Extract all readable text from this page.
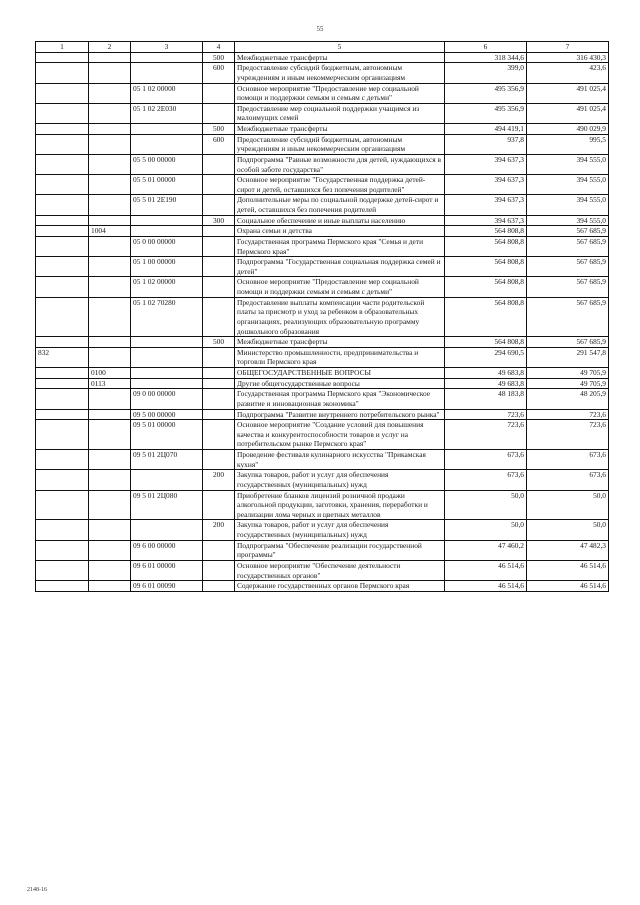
55
1	2	3	4	5	6	7
			500	Межбюджетные трансферты	318 344,6	316 430,3
			600	Предоставление субсидий бюджетным, автономным учреждениям и иным некоммерческим организациям	399,0	423,6
		05 1 02 00000		Основное мероприятие "Предоставление мер социальной помощи и поддержки семьям и семьям с детьми"	495 356,9	491 025,4
		05 1 02 2Е030		Предоставление мер социальной поддержки учащимся из малоимущих семей	495 356,9	491 025,4
			500	Межбюджетные трансферты	494 419,1	490 029,9
			600	Предоставление субсидий бюджетным, автономным учреждениям и иным некоммерческим организациям	937,8	995,5
		05 5 00 00000		Подпрограмма "Равные возможности для детей, нуждающихся в особой заботе государства"	394 637,3	394 555,0
		05 5 01 00000		Основное мероприятие "Государственная поддержка детей-сирот и детей, оставшихся без попечения родителей"	394 637,3	394 555,0
		05 5 01 2Е190		Дополнительные меры по социальной поддержке детей-сирот и детей, оставшихся без попечения родителей	394 637,3	394 555,0
			300	Социальное обеспечение и иные выплаты населению	394 637,3	394 555,0
	1004			Охрана семьи и детства	564 808,8	567 685,9
		05 0 00 00000		Государственная программа Пермского края "Семья и дети Пермского края"	564 808,8	567 685,9
		05 1 00 00000		Подпрограмма "Государственная социальная поддержка семей и детей"	564 808,8	567 685,9
		05 1 02 00000		Основное мероприятие "Предоставление мер социальной помощи и поддержки семьям и семьям с детьми"	564 808,8	567 685,9
		05 1 02 70280		Предоставление выплаты компенсации части родительской платы за присмотр и уход за ребенком в образовательных организациях, реализующих образовательную программу дошкольного образования	564 808,8	567 685,9
			500	Межбюджетные трансферты	564 808,8	567 685,9
832				Министерство промышленности, предпринимательства и торговли Пермского края	294 690,5	291 547,8
	0100			ОБЩЕГОСУДАРСТВЕННЫЕ ВОПРОСЫ	49 683,8	49 705,9
	0113			Другие общегосударственные вопросы	49 683,8	49 705,9
		09 0 00 00000		Государственная программа Пермского края "Экономическое развитие и инновационная экономика"	48 183,8	48 205,9
		09 5 00 00000		Подпрограмма "Развитие внутреннего потребительского рынка"	723,6	723,6
		09 5 01 00000		Основное мероприятие "Создание условий для повышения качества и конкурентоспособности товаров и услуг на потребительском рынке Пермского края"	723,6	723,6
		09 5 01 2Ц070		Проведение фестиваля кулинарного искусства "Прикамская кухня"	673,6	673,6
			200	Закупка товаров, работ и услуг для обеспечения государственных (муниципальных) нужд	673,6	673,6
		09 5 01 2Ц080		Приобретение бланков лицензий розничной продажи алкогольной продукции, заготовки, хранения, переработки и реализации лома черных и цветных металлов	50,0	50,0
			200	Закупка товаров, работ и услуг для обеспечения государственных (муниципальных) нужд	50,0	50,0
		09 6 00 00000		Подпрограмма "Обеспечение реализации государственной программы"	47 460,2	47 482,3
		09 6 01 00000		Основное мероприятие "Обеспечение деятельности государственных органов"	46 514,6	46 514,6
		09 6 01 00090		Содержание государственных органов Пермского края	46 514,6	46 514,6
2148-16
